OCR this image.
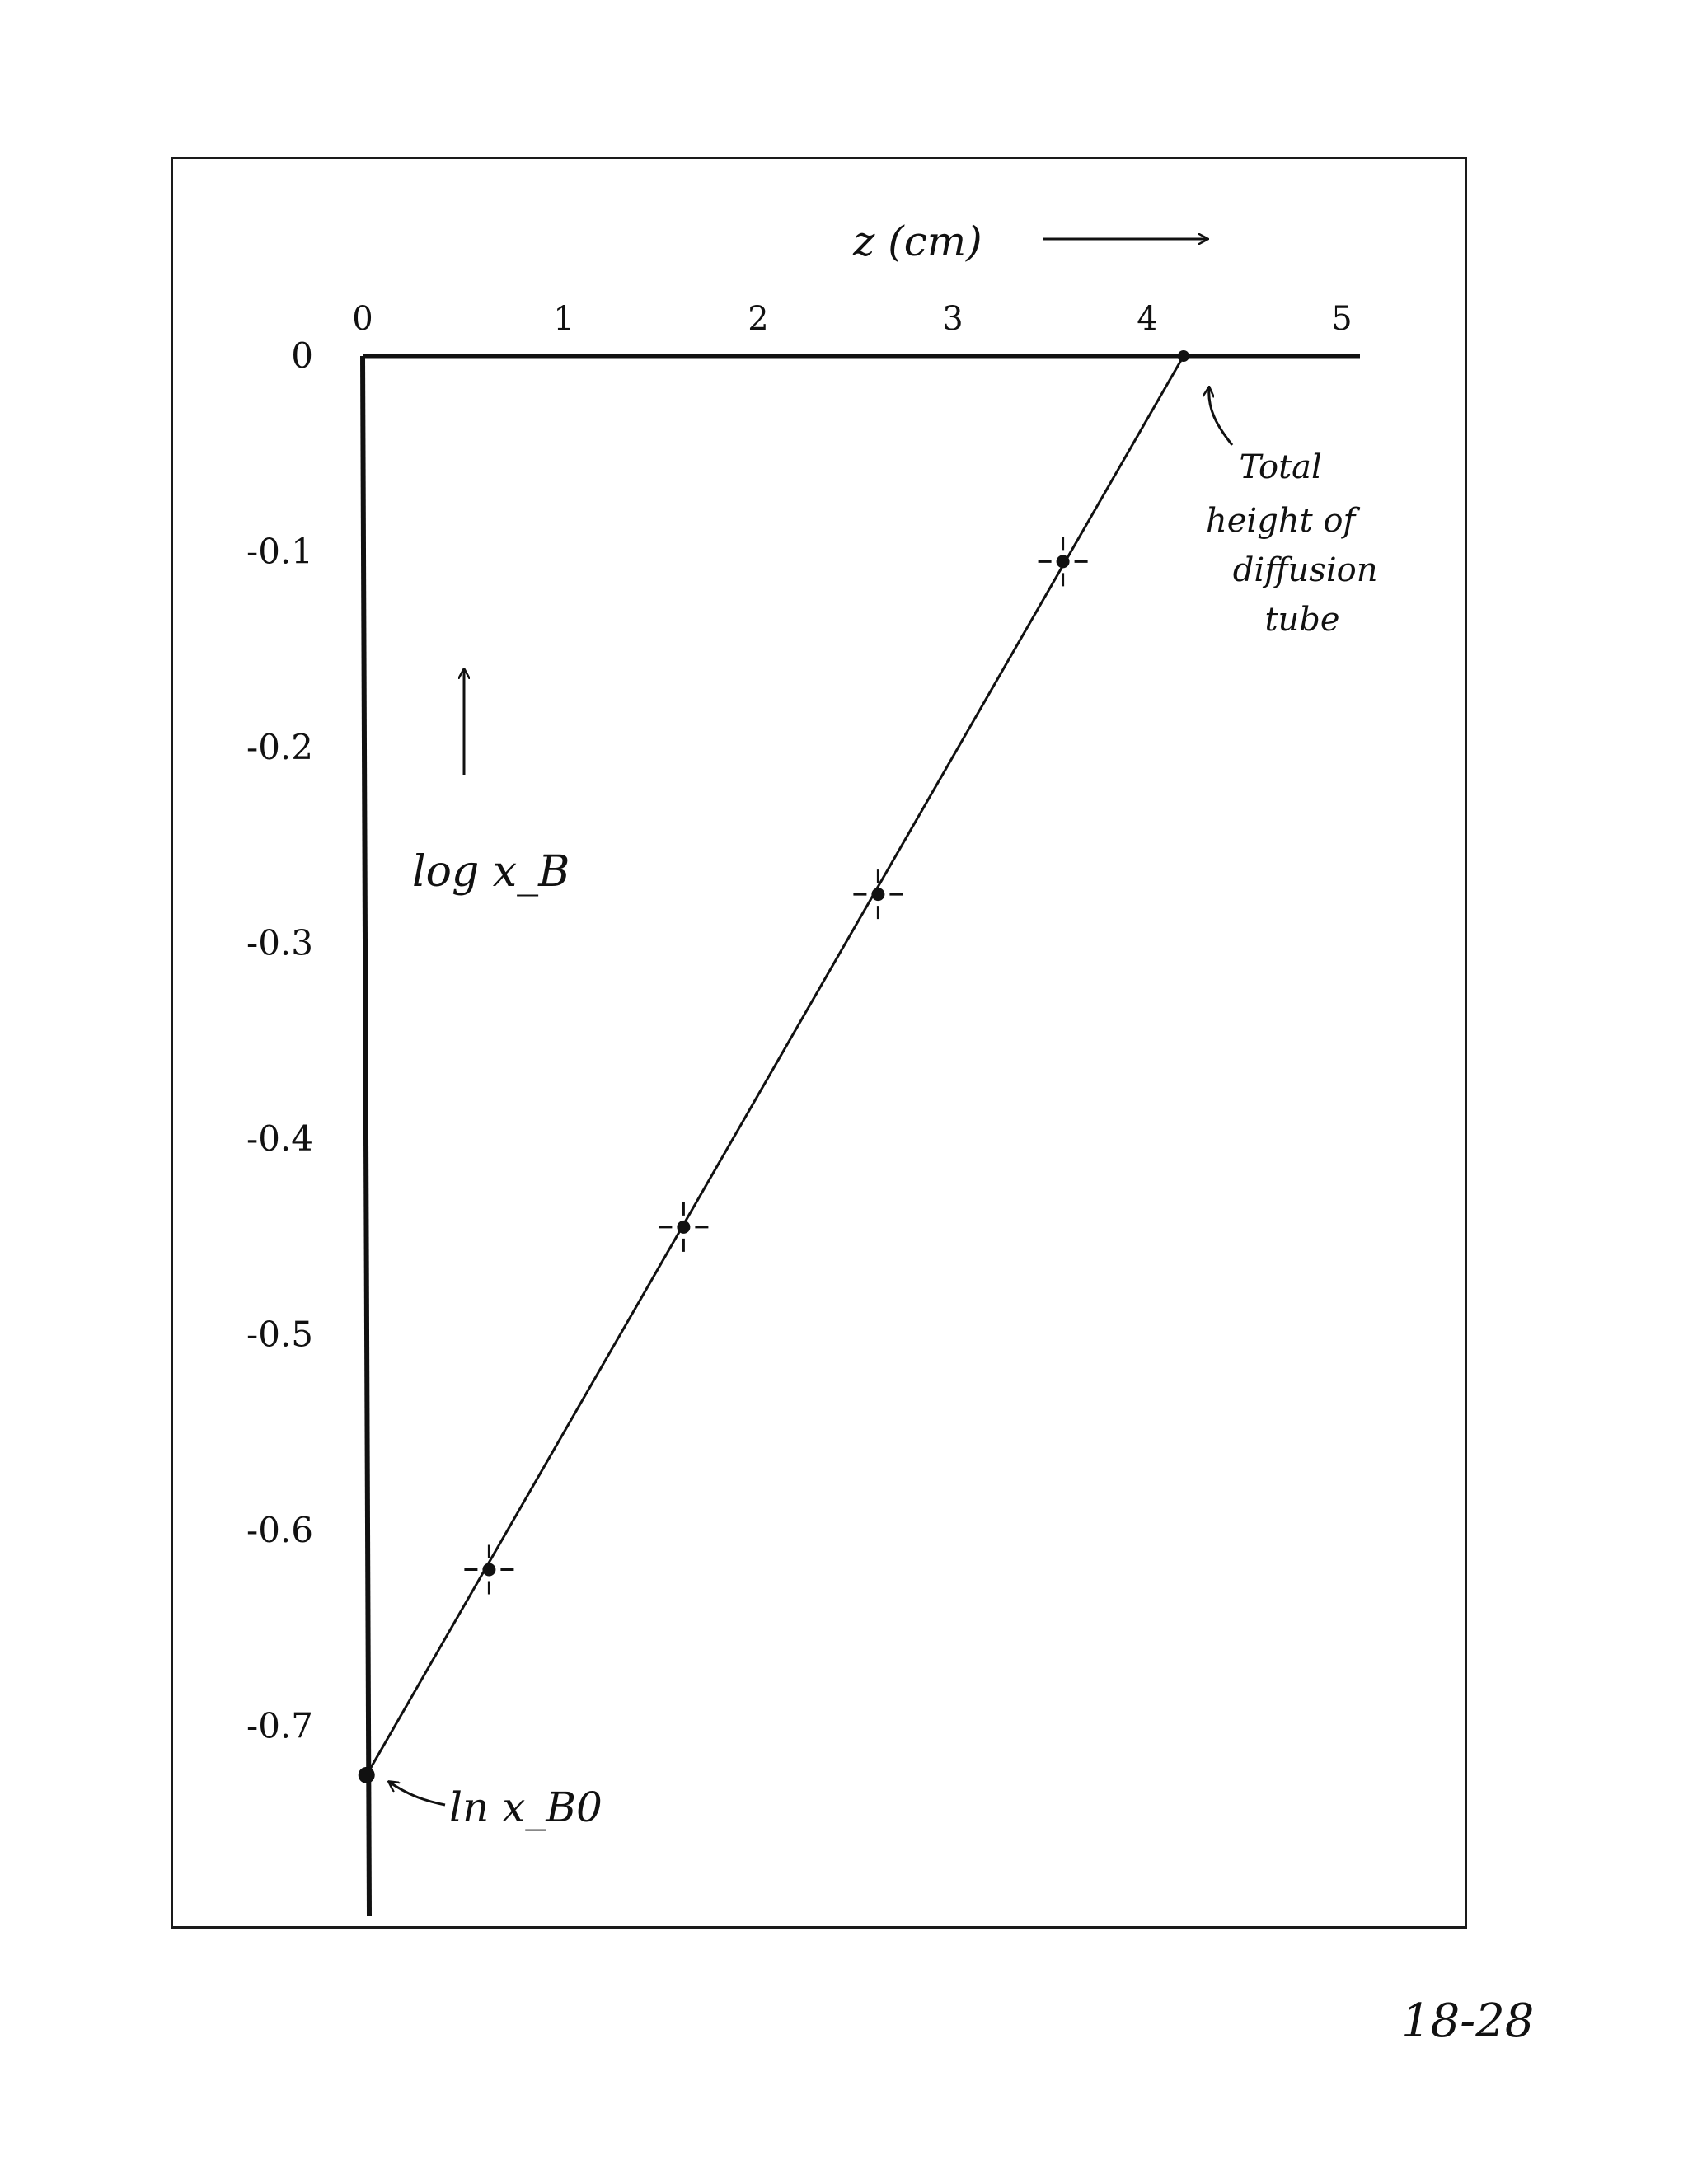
0	1	2	3	4	5
0
-0.1
-0.2
-0.3
-0.4
-0.5
-0.6
-0.7
z (cm)
log x_B
Total height of diffusion tube
ln x_B0
18-28
